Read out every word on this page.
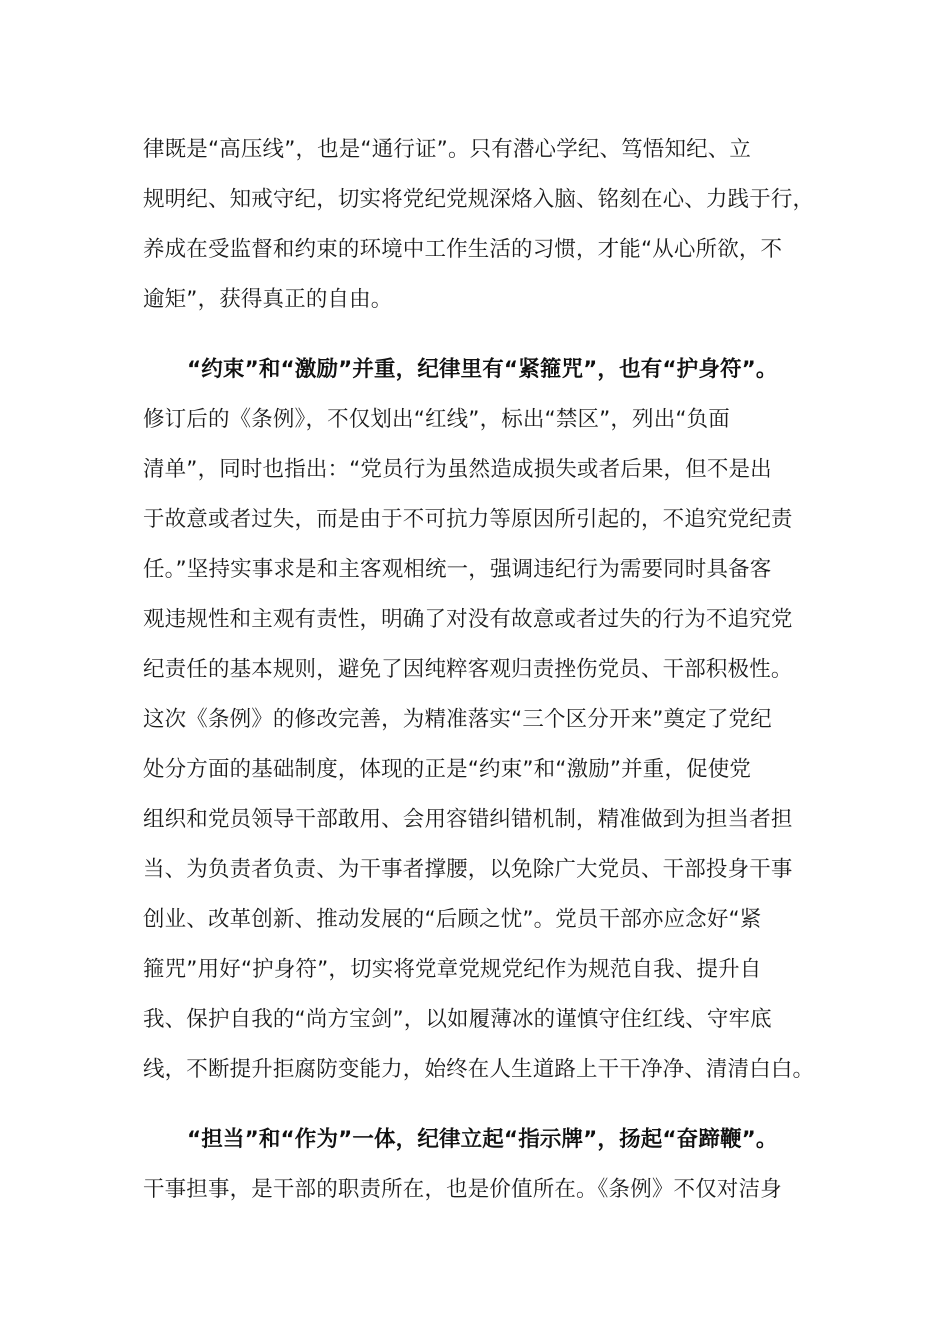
律既是“高压线”，也是“通行证”。只有潜心学纪、笃悟知纪、立
规明纪、知戒守纪，切实将党纪党规深烙入脑、铭刻在心、力践于行，
养成在受监督和约束的环境中工作生活的习惯，才能“从心所欲，不
逾矩”，获得真正的自由。
“约束”和“激励”并重，纪律里有“紧箍咒”，也有“护身符”。
修订后的《条例》，不仅划出“红线”，标出“禁区”，列出“负面
清单”，同时也指出：“党员行为虽然造成损失或者后果，但不是出
于故意或者过失，而是由于不可抗力等原因所引起的，不追究党纪责
任。”坚持实事求是和主客观相统一，强调违纪行为需要同时具备客
观违规性和主观有责性，明确了对没有故意或者过失的行为不追究党
纪责任的基本规则，避免了因纯粹客观归责挫伤党员、干部积极性。
这次《条例》的修改完善，为精准落实“三个区分开来”奠定了党纪
处分方面的基础制度，体现的正是“约束”和“激励”并重，促使党
组织和党员领导干部敢用、会用容错纠错机制，精准做到为担当者担
当、为负责者负责、为干事者撑腰，以免除广大党员、干部投身干事
创业、改革创新、推动发展的“后顾之忧”。党员干部亦应念好“紧
箍咒”用好“护身符”，切实将党章党规党纪作为规范自我、提升自
我、保护自我的“尚方宝剑”，以如履薄冰的谨慎守住红线、守牢底
线，不断提升拒腐防变能力，始终在人生道路上干干净净、清清白白。
“担当”和“作为”一体，纪律立起“指示牌”，扬起“奋蹄鞭”。
干事担事，是干部的职责所在，也是价值所在。《条例》不仅对洁身
